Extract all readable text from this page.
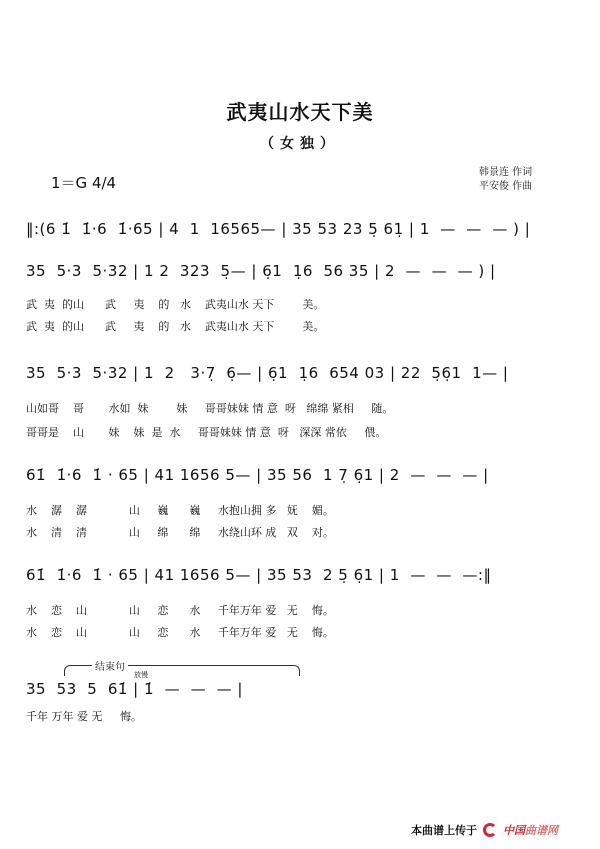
武夷山水天下美
（女独）
1＝G 4/4
韩景连 作词
平安俊 作曲
‖:(6 1̇  1̇·6  1̇·65 | 4  1  16565— | 35 53 23 5̣ 61̣ | 1  —  —  — ) |
35  5·3  5·32 | 1 2  323  5̣— | 6̣1  1̣6  56 35 | 2  —  —  — ) |
武  夷  的山      武     夷    的   水    武夷山水 天下        美。
武  夷  的山      武     夷    的   水    武夷山水 天下        美。
35  5·3  5·32 | 1  2   3·7̣  6̣— | 6̣1  1̣6  654 03 | 22  5̣6̣1  1— |
山如哥    哥       水如  妹        妹     哥哥妹妹 情 意  呀   绵绵 紧相     随。
哥哥是    山       妹    妹  是  水     哥哥妹妹 情 意  呀   深深 常依     偎。
61̇  1̇·6  1̇ · 65 | 41 1656 5— | 35 56  1 7̣ 6̣1 | 2  —  —  — |
水    潺    潺            山     巍      巍     水抱山拥 多   妩    媚。
水    清    清            山     绵      绵     水绕山环 成   双    对。
61̇  1̇·6  1̇ · 65 | 41 1656 5— | 35 53  2 5̣ 6̣1 | 1  —  —  —:‖
水    恋    山            山     恋      水     千年万年 爱   无    悔。
水    恋    山            山     恋      水     千年万年 爱   无    悔。
结束句
放慢
35  53  5  61̇ | 1̇  —  —  — |
千年 万年 爱 无     悔。
本曲谱上传于 中国曲谱网
